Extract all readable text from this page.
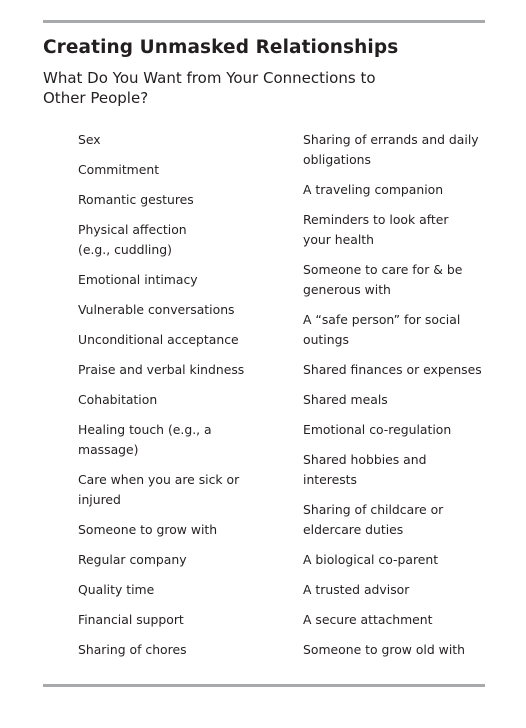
Creating Unmasked Relationships
What Do You Want from Your Connections to Other People?
Sex
Commitment
Romantic gestures
Physical affection
(e.g., cuddling)
Emotional intimacy
Vulnerable conversations
Unconditional acceptance
Praise and verbal kindness
Cohabitation
Healing touch (e.g., a
massage)
Care when you are sick or
injured
Someone to grow with
Regular company
Quality time
Financial support
Sharing of chores
Sharing of errands and daily
obligations
A traveling companion
Reminders to look after
your health
Someone to care for & be
generous with
A “safe person” for social
outings
Shared finances or expenses
Shared meals
Emotional co-regulation
Shared hobbies and
interests
Sharing of childcare or
eldercare duties
A biological co-parent
A trusted advisor
A secure attachment
Someone to grow old with
